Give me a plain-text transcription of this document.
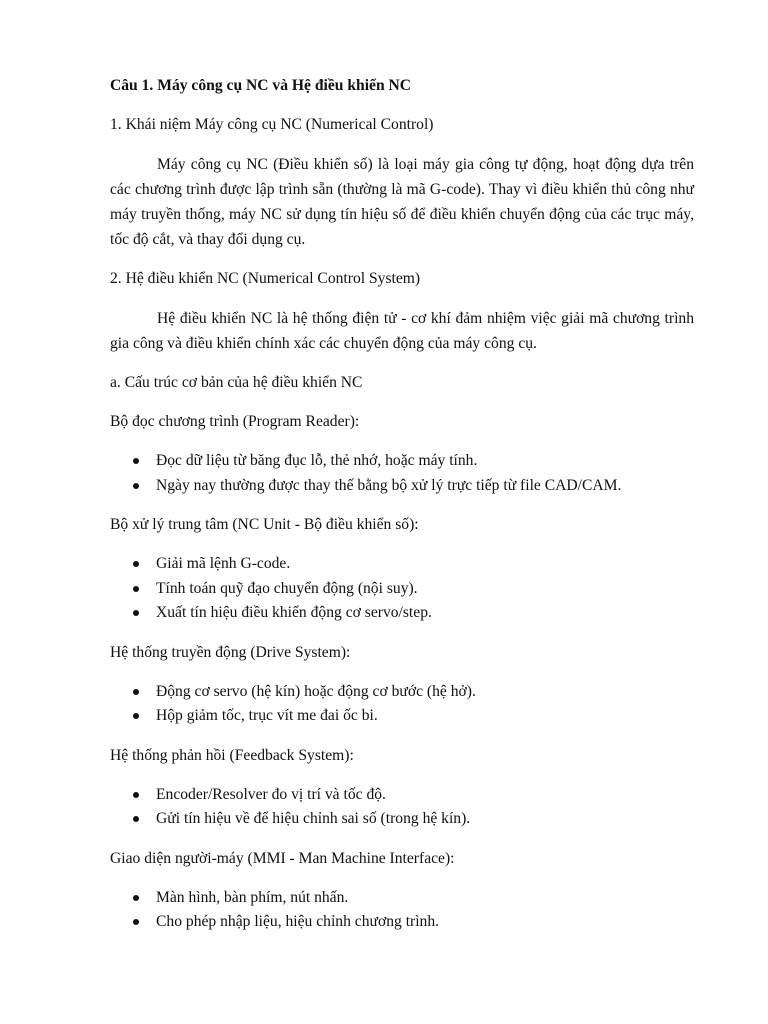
Câu 1. Máy công cụ NC và Hệ điều khiển NC
1. Khái niệm Máy công cụ NC (Numerical Control)
Máy công cụ NC (Điều khiển số) là loại máy gia công tự động, hoạt động dựa trên các chương trình được lập trình sẵn (thường là mã G-code). Thay vì điều khiển thủ công như máy truyền thống, máy NC sử dụng tín hiệu số để điều khiển chuyển động của các trục máy, tốc độ cắt, và thay đổi dụng cụ.
2. Hệ điều khiển NC (Numerical Control System)
Hệ điều khiển NC là hệ thống điện tử - cơ khí đảm nhiệm việc giải mã chương trình gia công và điều khiển chính xác các chuyển động của máy công cụ.
a. Cấu trúc cơ bản của hệ điều khiển NC
Bộ đọc chương trình (Program Reader):
Đọc dữ liệu từ băng đục lỗ, thẻ nhớ, hoặc máy tính.
Ngày nay thường được thay thế bằng bộ xử lý trực tiếp từ file CAD/CAM.
Bộ xử lý trung tâm (NC Unit - Bộ điều khiển số):
Giải mã lệnh G-code.
Tính toán quỹ đạo chuyển động (nội suy).
Xuất tín hiệu điều khiển động cơ servo/step.
Hệ thống truyền động (Drive System):
Động cơ servo (hệ kín) hoặc động cơ bước (hệ hở).
Hộp giảm tốc, trục vít me đai ốc bi.
Hệ thống phản hồi (Feedback System):
Encoder/Resolver đo vị trí và tốc độ.
Gửi tín hiệu về để hiệu chỉnh sai số (trong hệ kín).
Giao diện người-máy (MMI - Man Machine Interface):
Màn hình, bàn phím, nút nhấn.
Cho phép nhập liệu, hiệu chỉnh chương trình.
